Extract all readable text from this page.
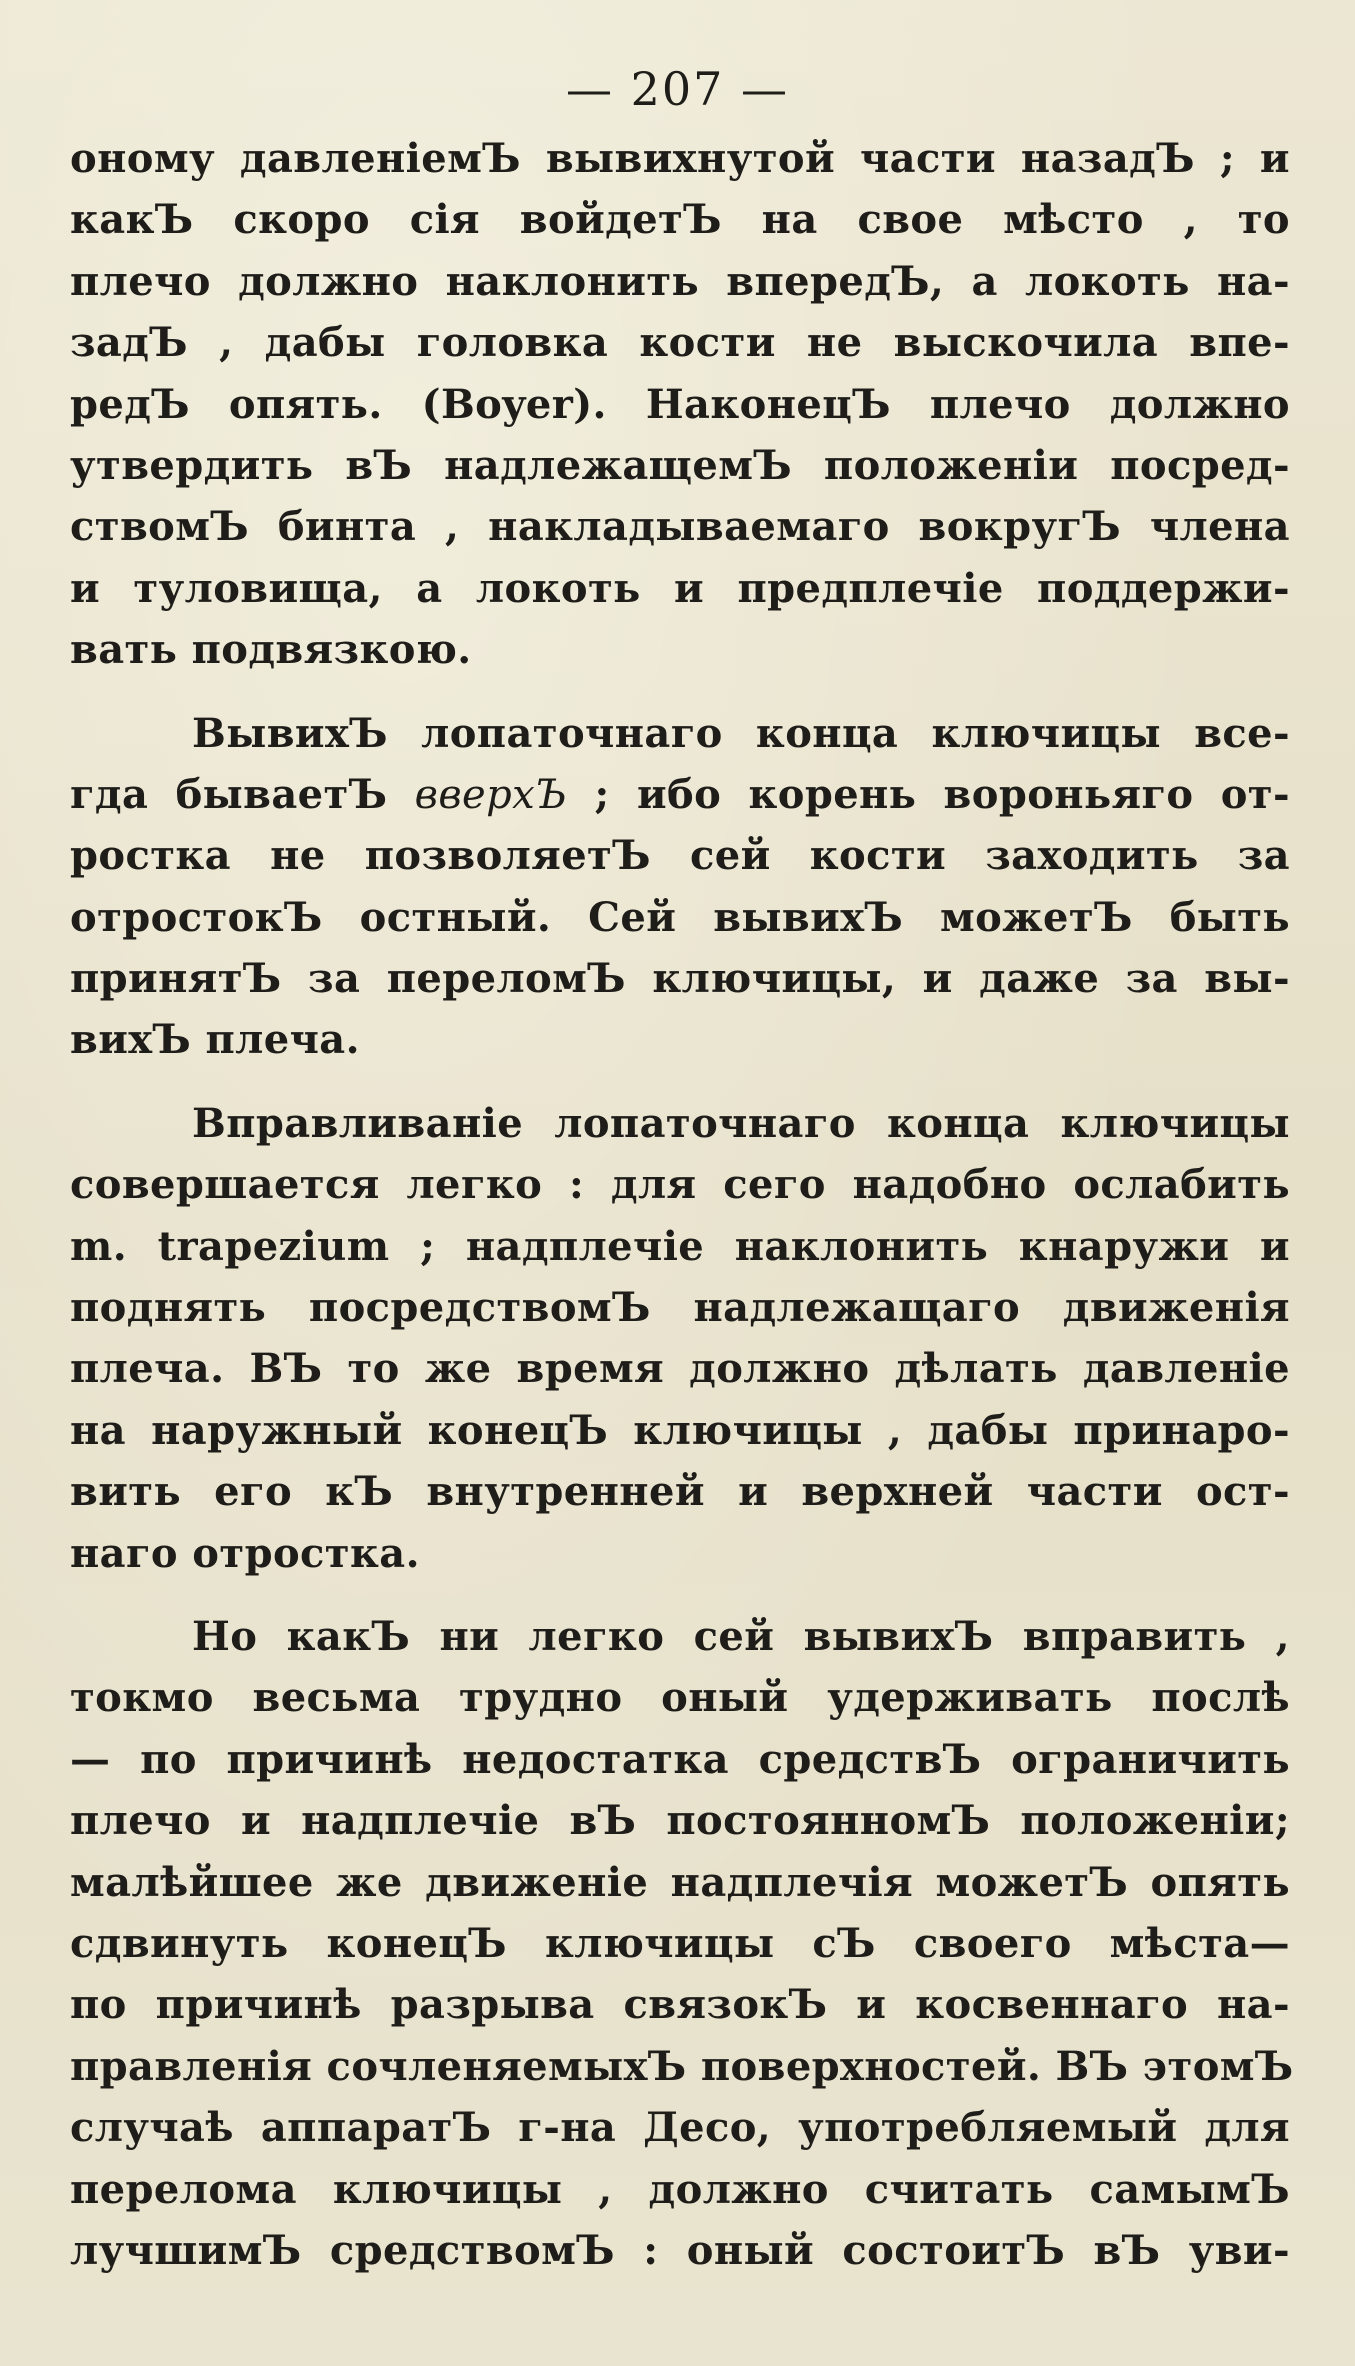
— 207 —
оному давленіемЪ вывихнутой части назадЪ ; и
какЪ скоро сія войдетЪ на свое мѣсто , то
плечо должно наклонить впередЪ, а локоть на-
задЪ , дабы головка кости не выскочила впе-
редЪ опять. (Boyer). НаконецЪ плечо должно
утвердить вЪ надлежащемЪ положеніи посред-
ствомЪ бинта , накладываемаго вокругЪ члена
и туловища, а локоть и предплечіе поддержи-
вать подвязкою.
ВывихЪ лопаточнаго конца ключицы все-
гда бываетЪ вверхЪ ; ибо корень вороньяго от-
ростка не позволяетЪ сей кости заходить за
отростокЪ остный. Сей вывихЪ можетЪ быть
принятЪ за переломЪ ключицы, и даже за вы-
вихЪ плеча.
Вправливаніе лопаточнаго конца ключицы
совершается легко : для сего надобно ослабить
m. trapezium ; надплечіе наклонить кнаружи и
поднять посредствомЪ надлежащаго движенія
плеча. ВЪ то же время должно дѣлать давленіе
на наружный конецЪ ключицы , дабы принаро-
вить его кЪ внутренней и верхней части ост-
наго отростка.
Но какЪ ни легко сей вывихЪ вправить ,
токмо весьма трудно оный удерживать послѣ
— по причинѣ недостатка средствЪ ограничить
плечо и надплечіе вЪ постоянномЪ положеніи;
малѣйшее же движеніе надплечія можетЪ опять
сдвинуть конецЪ ключицы сЪ своего мѣста—
по причинѣ разрыва связокЪ и косвеннаго на-
правленія сочленяемыхЪ поверхностей. ВЪ этомЪ
случаѣ аппаратЪ г-на Десо, употребляемый для
перелома ключицы , должно считать самымЪ
лучшимЪ средствомЪ : оный состоитЪ вЪ уви-
